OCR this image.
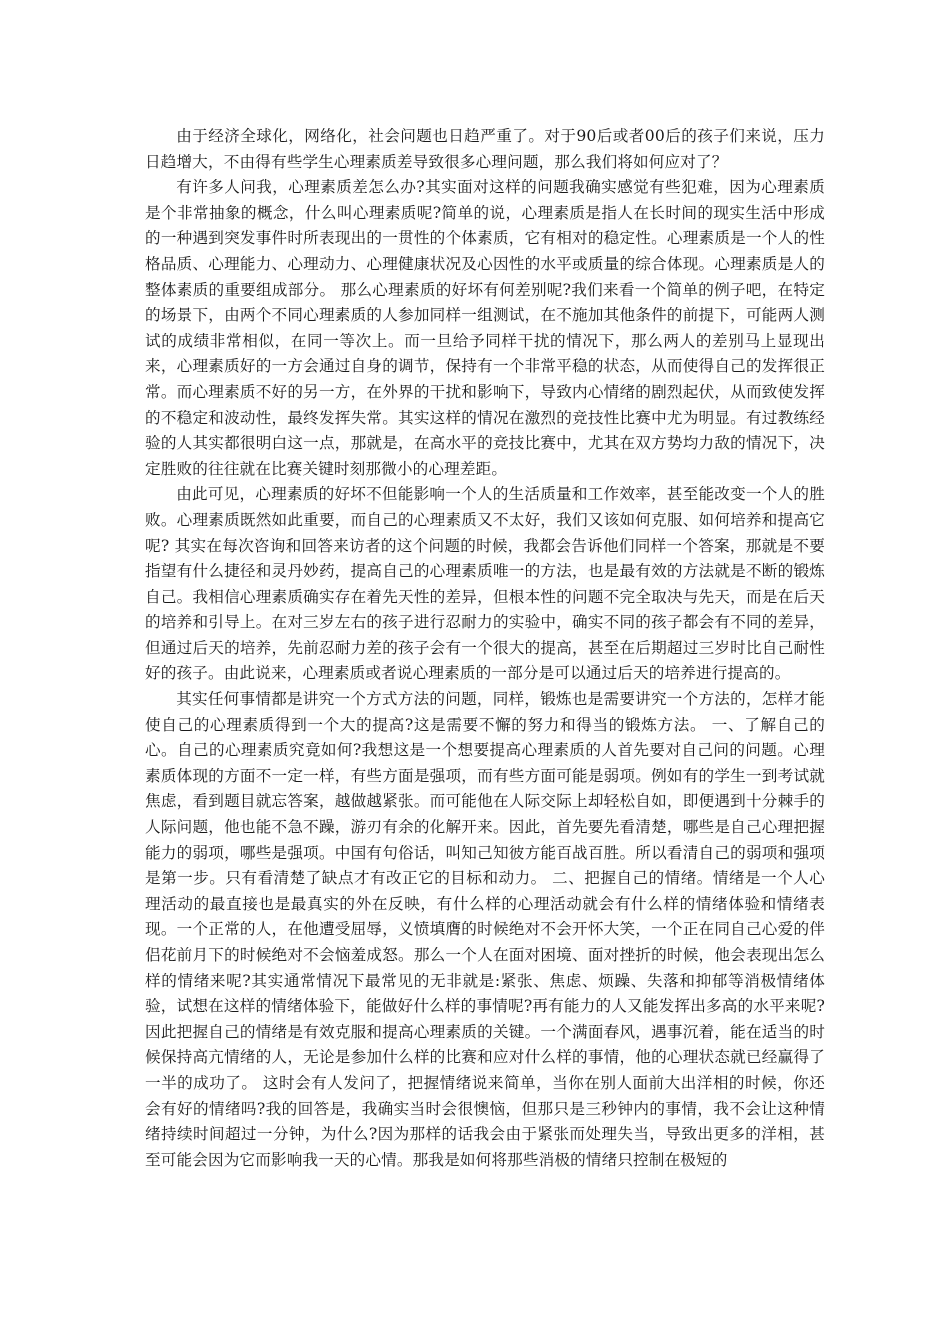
由于经济全球化，网络化，社会问题也日趋严重了。对于90后或者00后的孩子们来说，压力日趋增大，不由得有些学生心理素质差导致很多心理问题，那么我们将如何应对了？

有许多人问我，心理素质差怎么办?其实面对这样的问题我确实感觉有些犯难，因为心理素质是个非常抽象的概念，什么叫心理素质呢?简单的说，心理素质是指人在长时间的现实生活中形成的一种遇到突发事件时所表现出的一贯性的个体素质，它有相对的稳定性。心理素质是一个人的性格品质、心理能力、心理动力、心理健康状况及心因性的水平或质量的综合体现。心理素质是人的整体素质的重要组成部分。 那么心理素质的好坏有何差别呢?我们来看一个简单的例子吧，在特定的场景下，由两个不同心理素质的人参加同样一组测试，在不施加其他条件的前提下，可能两人测试的成绩非常相似，在同一等次上。而一旦给予同样干扰的情况下，那么两人的差别马上显现出来，心理素质好的一方会通过自身的调节，保持有一个非常平稳的状态，从而使得自己的发挥很正常。而心理素质不好的另一方，在外界的干扰和影响下，导致内心情绪的剧烈起伏，从而致使发挥的不稳定和波动性，最终发挥失常。其实这样的情况在激烈的竞技性比赛中尤为明显。有过教练经验的人其实都很明白这一点，那就是，在高水平的竞技比赛中，尤其在双方势均力敌的情况下，决定胜败的往往就在比赛关键时刻那微小的心理差距。

由此可见，心理素质的好坏不但能影响一个人的生活质量和工作效率，甚至能改变一个人的胜败。心理素质既然如此重要，而自己的心理素质又不太好，我们又该如何克服、如何培养和提高它呢? 其实在每次咨询和回答来访者的这个问题的时候，我都会告诉他们同样一个答案，那就是不要指望有什么捷径和灵丹妙药，提高自己的心理素质唯一的方法，也是最有效的方法就是不断的锻炼自己。我相信心理素质确实存在着先天性的差异，但根本性的问题不完全取决与先天，而是在后天的培养和引导上。在对三岁左右的孩子进行忍耐力的实验中，确实不同的孩子都会有不同的差异，但通过后天的培养，先前忍耐力差的孩子会有一个很大的提高，甚至在后期超过三岁时比自己耐性好的孩子。由此说来，心理素质或者说心理素质的一部分是可以通过后天的培养进行提高的。

其实任何事情都是讲究一个方式方法的问题，同样，锻炼也是需要讲究一个方法的，怎样才能使自己的心理素质得到一个大的提高?这是需要不懈的努力和得当的锻炼方法。 一、了解自己的心。自己的心理素质究竟如何?我想这是一个想要提高心理素质的人首先要对自己问的问题。心理素质体现的方面不一定一样，有些方面是强项，而有些方面可能是弱项。例如有的学生一到考试就焦虑，看到题目就忘答案，越做越紧张。而可能他在人际交际上却轻松自如，即便遇到十分棘手的人际问题，他也能不急不躁，游刃有余的化解开来。因此，首先要先看清楚，哪些是自己心理把握能力的弱项，哪些是强项。中国有句俗话，叫知己知彼方能百战百胜。所以看清自己的弱项和强项是第一步。只有看清楚了缺点才有改正它的目标和动力。 二、把握自己的情绪。情绪是一个人心理活动的最直接也是最真实的外在反映，有什么样的心理活动就会有什么样的情绪体验和情绪表现。一个正常的人，在他遭受屈辱，义愤填膺的时候绝对不会开怀大笑，一个正在同自己心爱的伴侣花前月下的时候绝对不会恼羞成怒。那么一个人在面对困境、面对挫折的时候，他会表现出怎么样的情绪来呢?其实通常情况下最常见的无非就是:紧张、焦虑、烦躁、失落和抑郁等消极情绪体验，试想在这样的情绪体验下，能做好什么样的事情呢?再有能力的人又能发挥出多高的水平来呢?因此把握自己的情绪是有效克服和提高心理素质的关键。一个满面春风，遇事沉着，能在适当的时候保持高亢情绪的人，无论是参加什么样的比赛和应对什么样的事情，他的心理状态就已经赢得了一半的成功了。 这时会有人发问了，把握情绪说来简单，当你在别人面前大出洋相的时候，你还会有好的情绪吗?我的回答是，我确实当时会很懊恼，但那只是三秒钟内的事情，我不会让这种情绪持续时间超过一分钟，为什么?因为那样的话我会由于紧张而处理失当，导致出更多的洋相，甚至可能会因为它而影响我一天的心情。那我是如何将那些消极的情绪只控制在极短的
